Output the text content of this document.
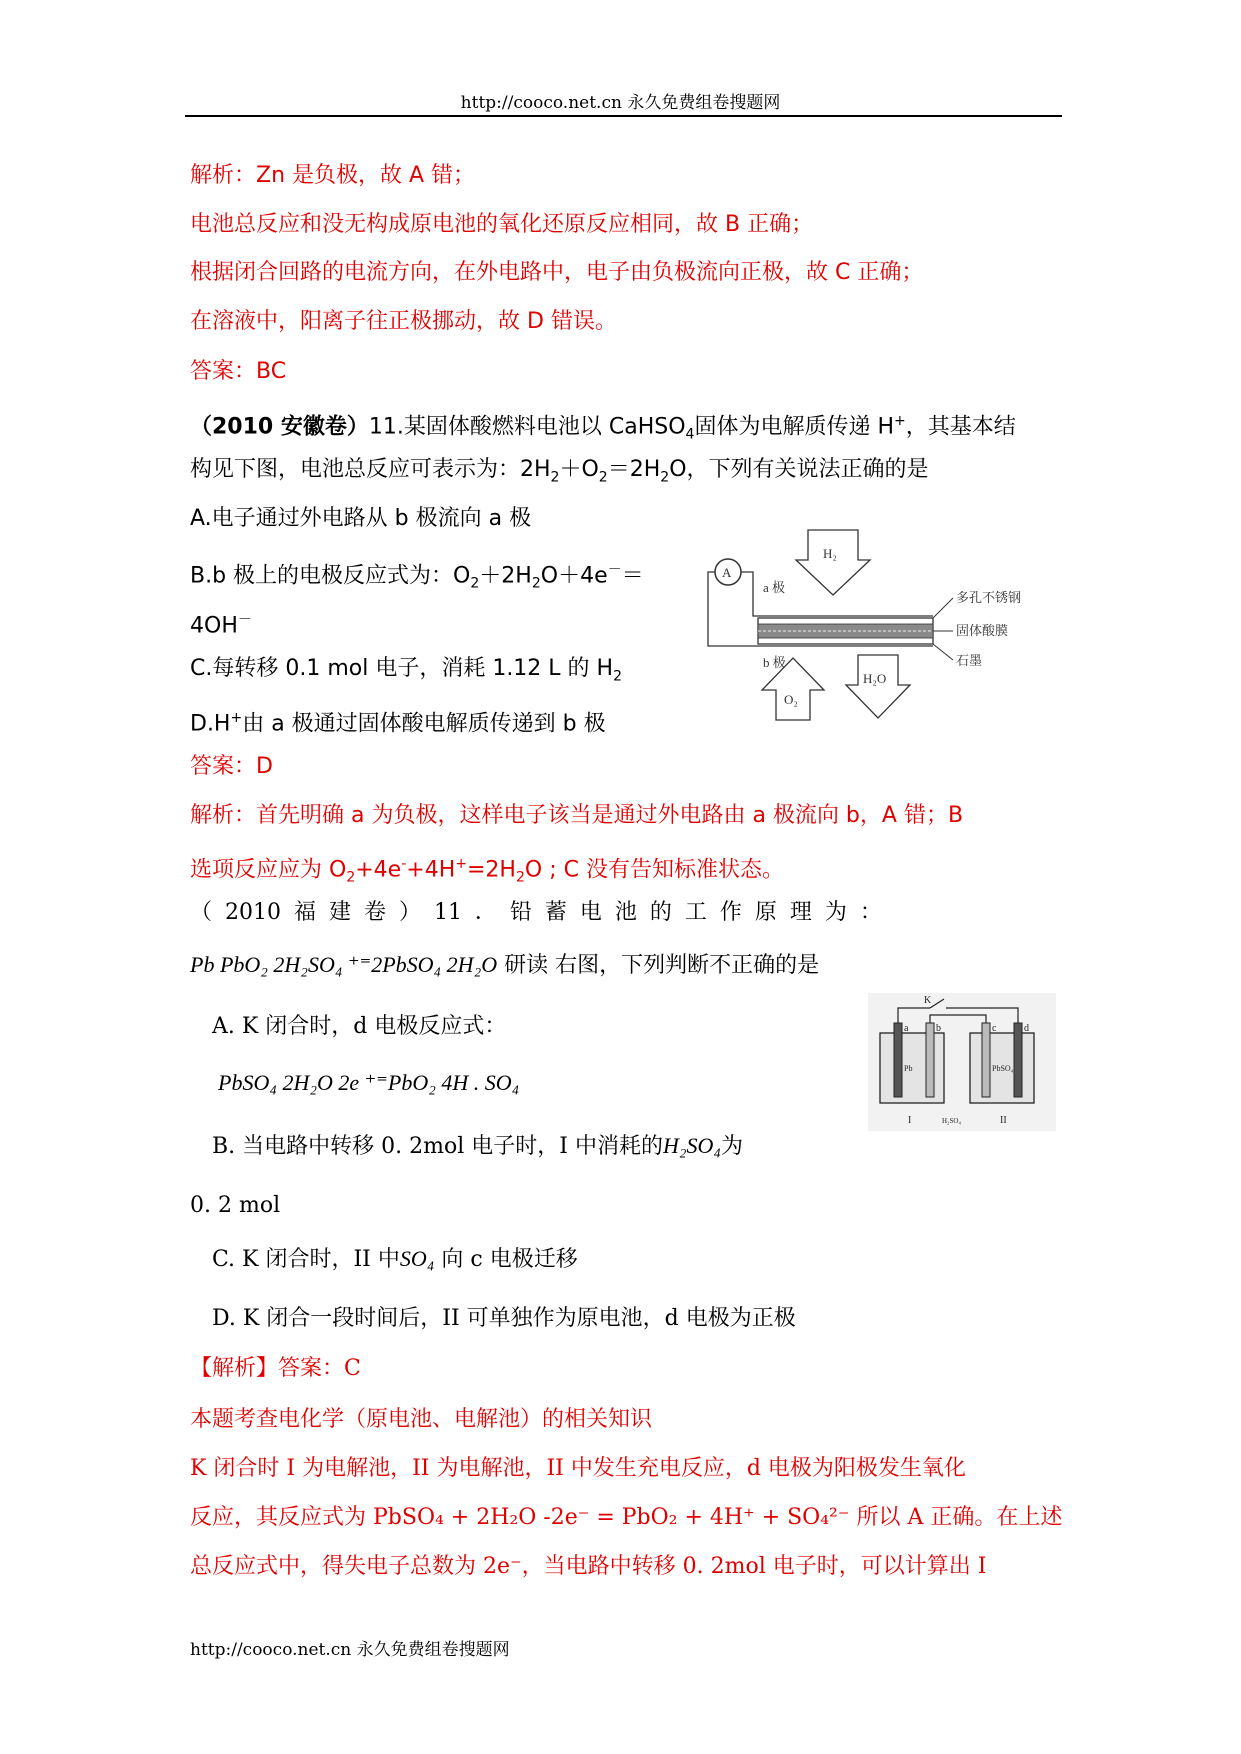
http://cooco.net.cn 永久免费组卷搜题网
解析：Zn 是负极，故 A 错；
电池总反应和没无构成原电池的氧化还原反应相同，故 B 正确；
根据闭合回路的电流方向，在外电路中，电子由负极流向正极，故 C 正确；
在溶液中，阳离子往正极挪动，故 D 错误。
答案：BC
（2010 安徽卷）11.某固体酸燃料电池以 CaHSO$_4$固体为电解质传递 H+，其基本结
构见下图，电池总反应可表示为：$2H_2+O_2=2H_2O$，下列有关说法正确的是
A.电子通过外电路从 b 极流向 a 极
B.b 极上的电极反应式为：$O_2+2H_2O+4e^-=$
4OH－
C.每转移 0.1 mol 电子，消耗 1.12 L 的 $H_2$
D.H+由 a 极通过固体酸电解质传递到 b 极
答案：D
解析：首先明确 a 为负极，这样电子该当是通过外电路由 a 极流向 b，A 错；B
选项反应应为 $O_2+4e^-+4H^+=2H_2O$ ; C 没有告知标准状态。
（ 2010 福 建 卷 ） 11 ． 铅 蓄 电 池 的 工 作 原 理 为 ：
Pb PbO₂ 2H₂SO₄ ⁺⁼2PbSO₄ 2H₂O 研读 右图，下列判断不正确的是
A. K 闭合时，d 电极反应式：
PbSO₄ 2H₂O 2e ⁺⁼PbO₂ 4H . SO₄
B. 当电路中转移 0. 2mol 电子时，I 中消耗的H₂SO₄为
0. 2 mol
C. K 闭合时，II 中SO₄ 向 c 电极迁移
D. K 闭合一段时间后，II 可单独作为原电池，d 电极为正极
【解析】答案：C
本题考查电化学（原电池、电解池）的相关知识
K 闭合时 I 为电解池，II 为电解池，II 中发生充电反应，d 电极为阳极发生氧化
反应，其反应式为 PbSO₄ + 2H₂O -2e⁻ = PbO₂ + 4H⁺ + SO₄²⁻ 所以 A 正确。在上述
总反应式中，得失电子总数为 2e⁻，当电路中转移 0. 2mol 电子时，可以计算出 I
A
a 极
b 极
H₂
O₂
H₂O
多孔不锈钢
固体酸膜
石墨
K
a	b	c	d
Pb	PbSO₄
I	H₂SO₄	II
http://cooco.net.cn 永久免费组卷搜题网
